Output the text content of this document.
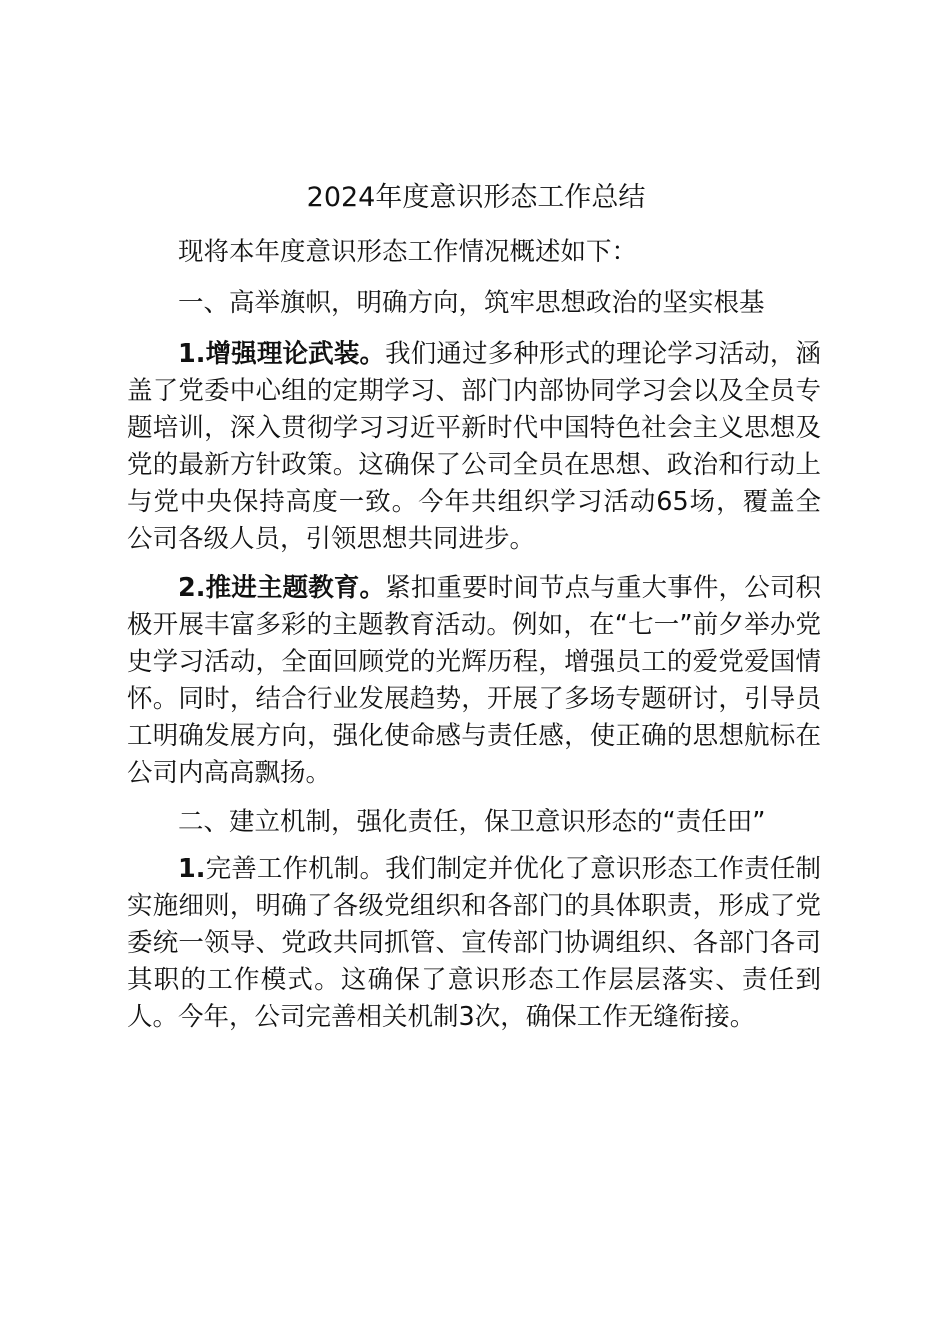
2024年度意识形态工作总结

现将本年度意识形态工作情况概述如下：

一、高举旗帜，明确方向，筑牢思想政治的坚实根基

1.增强理论武装。我们通过多种形式的理论学习活动，涵盖了党委中心组的定期学习、部门内部协同学习会以及全员专题培训，深入贯彻学习习近平新时代中国特色社会主义思想及党的最新方针政策。这确保了公司全员在思想、政治和行动上与党中央保持高度一致。今年共组织学习活动65场，覆盖全公司各级人员，引领思想共同进步。

2.推进主题教育。紧扣重要时间节点与重大事件，公司积极开展丰富多彩的主题教育活动。例如，在“七一”前夕举办党史学习活动，全面回顾党的光辉历程，增强员工的爱党爱国情怀。同时，结合行业发展趋势，开展了多场专题研讨，引导员工明确发展方向，强化使命感与责任感，使正确的思想航标在公司内高高飘扬。

二、建立机制，强化责任，保卫意识形态的“责任田”

1.完善工作机制。我们制定并优化了意识形态工作责任制实施细则，明确了各级党组织和各部门的具体职责，形成了党委统一领导、党政共同抓管、宣传部门协调组织、各部门各司其职的工作模式。这确保了意识形态工作层层落实、责任到人。今年，公司完善相关机制3次，确保工作无缝衔接。
